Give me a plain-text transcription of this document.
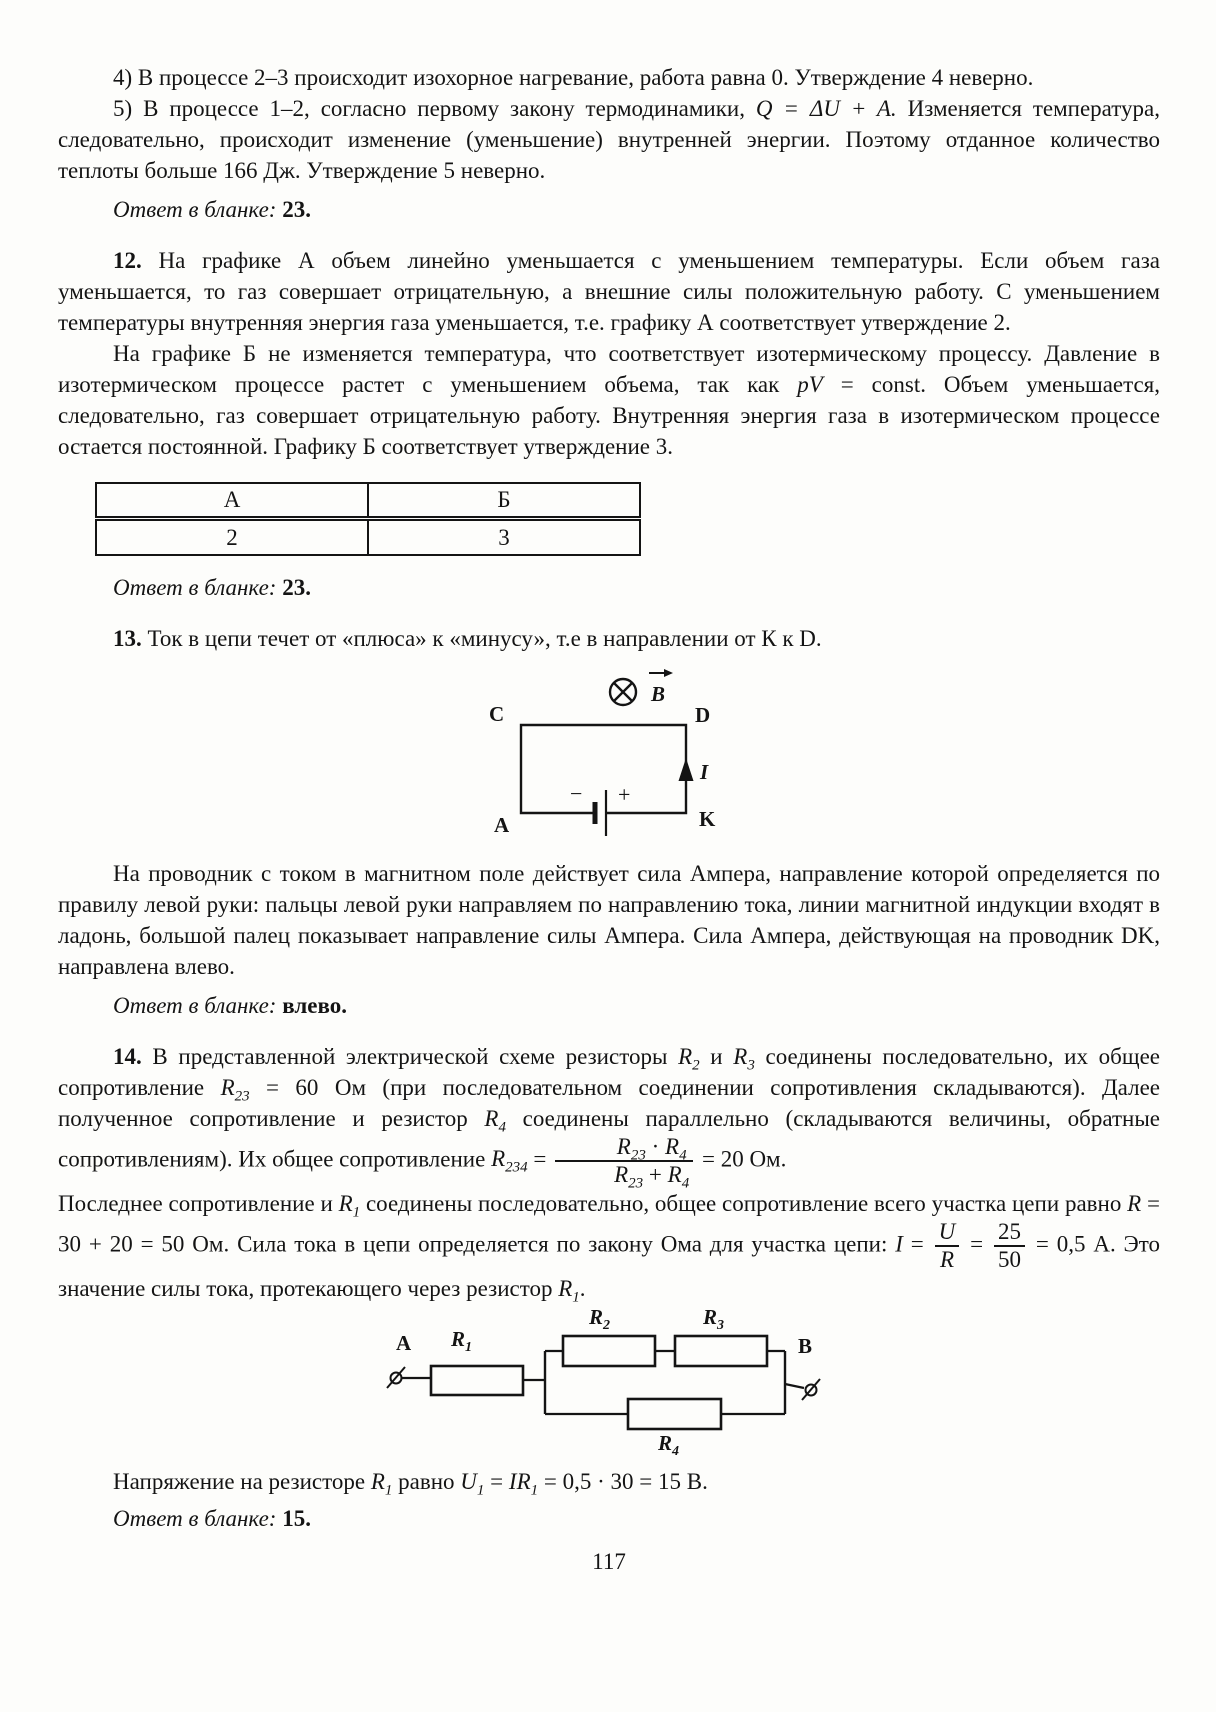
4) В процессе 2–3 происходит изохорное нагревание, работа равна 0. Утверждение 4 неверно.

5) В процессе 1–2, согласно первому закону термодинамики, Q = ΔU + A. Изменяется температура, следовательно, происходит изменение (уменьшение) внутренней энергии. Поэтому отданное количество теплоты больше 166 Дж. Утверждение 5 неверно.

Ответ в бланке: 23.

12. На графике А объем линейно уменьшается с уменьшением температуры. Если объем газа уменьшается, то газ совершает отрицательную, а внешние силы положительную работу. С уменьшением температуры внутренняя энергия газа уменьшается, т.е. графику А соответствует утверждение 2.

На графике Б не изменяется температура, что соответствует изотермическому процессу. Давление в изотермическом процессе растет с уменьшением объема, так как pV = const. Объем уменьшается, следовательно, газ совершает отрицательную работу. Внутренняя энергия газа в изотермическом процессе остается постоянной. Графику Б соответствует утверждение 3.

А	Б
2	3

Ответ в бланке: 23.

13. Ток в цепи течет от «плюса» к «минусу», т.е в направлении от К к D.

B
− +
C	D
A	K
I

На проводник с током в магнитном поле действует сила Ампера, направление которой определяется по правилу левой руки: пальцы левой руки направляем по направлению тока, линии магнитной индукции входят в ладонь, большой палец показывает направление силы Ампера. Сила Ампера, действующая на проводник DK, направлена влево.

Ответ в бланке: влево.

14. В представленной электрической схеме резисторы $R_2$ и $R_3$ соединены последовательно, их общее сопротивление $R_{23} = 60$ Ом (при последовательном соединении сопротивления складываются). Далее полученное сопротивление и резистор $R_4$ соединены параллельно (складываются величины, обратные сопротивлениям). Их общее сопротивление $R_{234} = \frac{R_{23} \cdot R_4}{R_{23} + R_4} = 20$ Ом.

Последнее сопротивление и $R_1$ соединены последовательно, общее сопротивление всего участка цепи равно R = 30 + 20 = 50 Ом. Сила тока в цепи определяется по закону Ома для участка цепи: $I = \frac{U}{R} = \frac{25}{50} = 0,5$ А. Это значение силы тока, протекающего через резистор $R_1$.

A	B
$R_1$
$R_2$	$R_3$
$R_4$

Напряжение на резисторе $R_1$ равно $U_1 = IR_1 = 0,5 \cdot 30 = 15$ В.

Ответ в бланке: 15.

117
